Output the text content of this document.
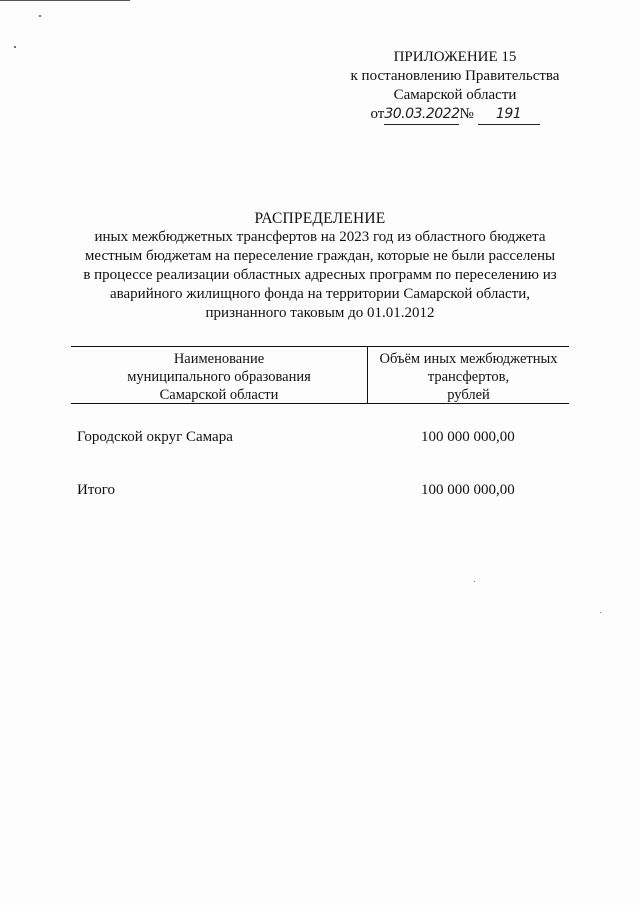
ПРИЛОЖЕНИЕ 15
к постановлению Правительства
Самарской области
от30.03.2022№ 191
РАСПРЕДЕЛЕНИЕ
иных межбюджетных трансфертов на 2023 год из областного бюджета
местным бюджетам на переселение граждан, которые не были расселены
в процессе реализации областных адресных программ по переселению из
аварийного жилищного фонда на территории Самарской области,
признанного таковым до 01.01.2012
Наименование
муниципального образования
Самарской области
Объём иных межбюджетных
трансфертов,
рублей
Городской округ Самара	100 000 000,00
Итого	100 000 000,00
